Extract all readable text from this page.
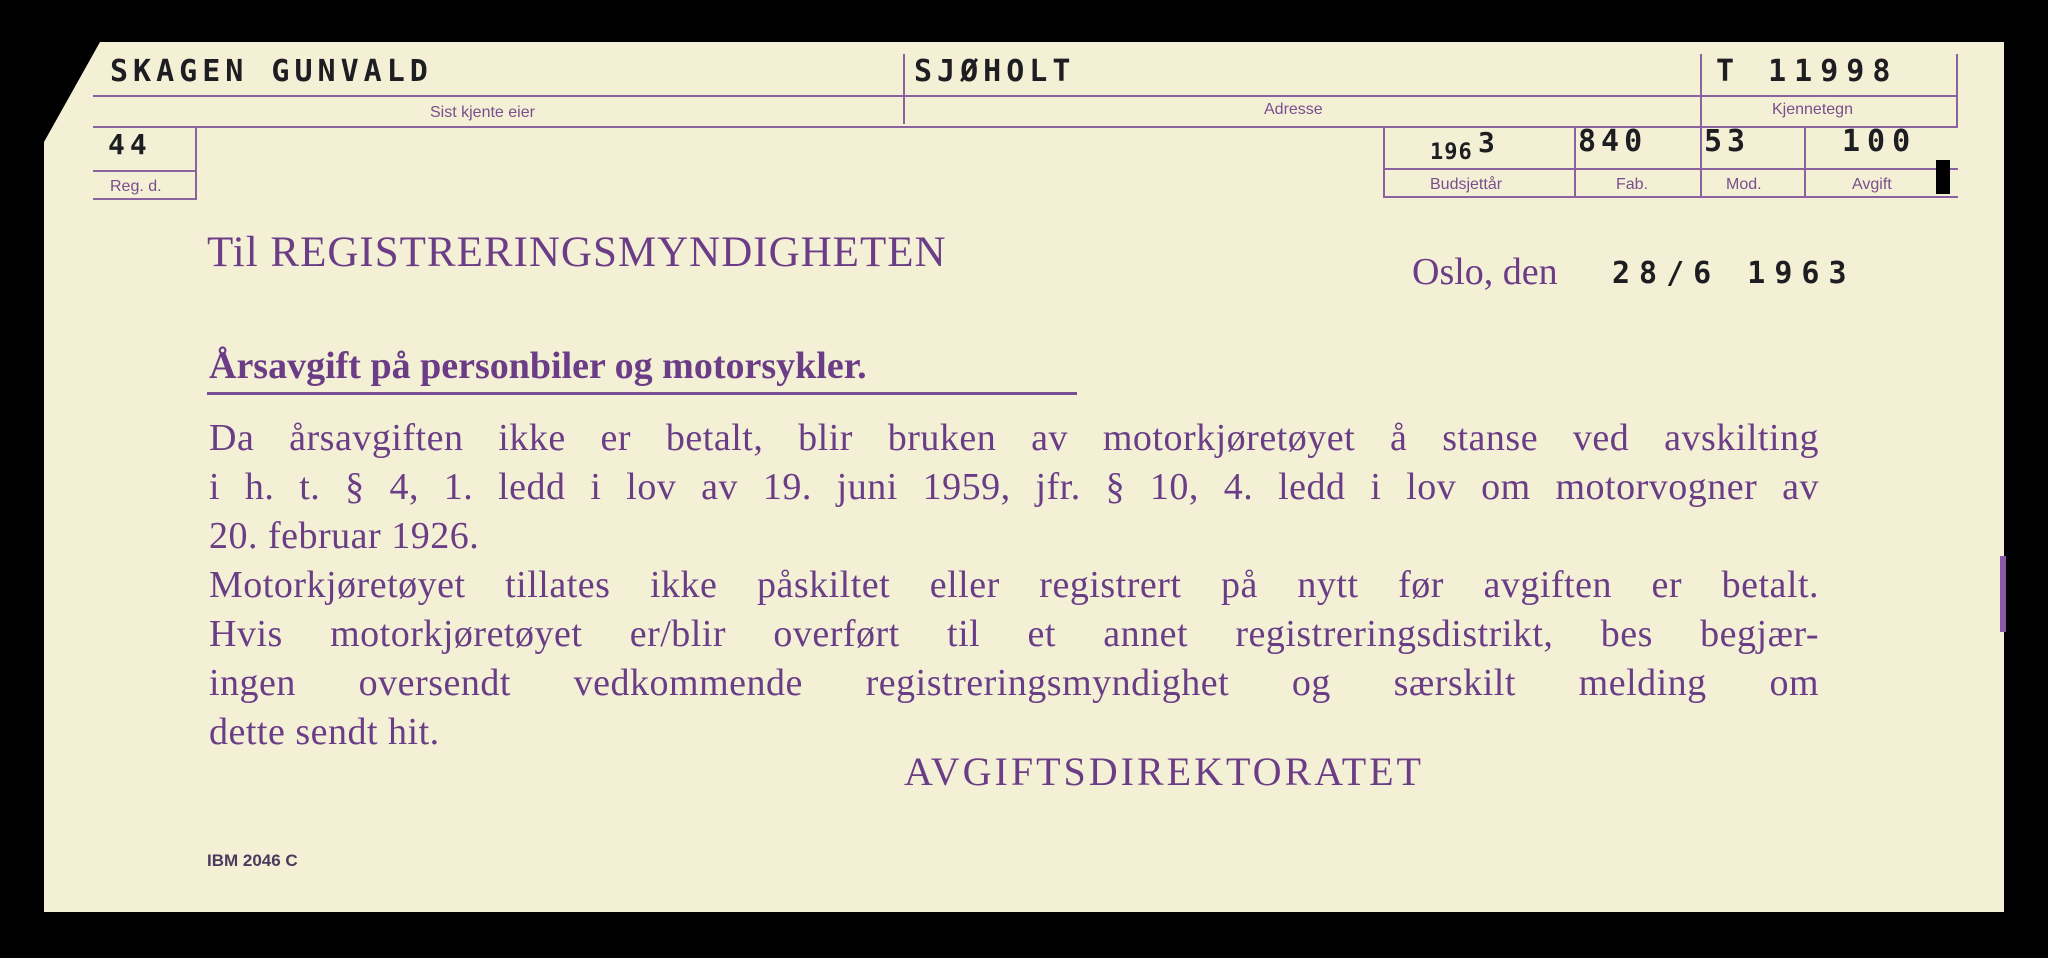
SKAGEN GUNVALD	SJØHOLT	T 11998
Sist kjente eier	Adresse	Kjennetegn
44
Reg. d.
196 3
Budsjettår
840
Fab.
53
Mod.
100
Avgift
Til REGISTRERINGSMYNDIGHETEN	Oslo, den 28/6 1963
Årsavgift på personbiler og motorsykler.
Da årsavgiften ikke er betalt, blir bruken av motorkjøretøyet å stanse ved avskilting
i h. t. § 4, 1. ledd i lov av 19. juni 1959, jfr. § 10, 4. ledd i lov om motorvogner av
20. februar 1926.
Motorkjøretøyet tillates ikke påskiltet eller registrert på nytt før avgiften er betalt.
Hvis motorkjøretøyet er/blir overført til et annet registreringsdistrikt, bes begjær-
ingen oversendt vedkommende registreringsmyndighet og særskilt melding om
dette sendt hit.
AVGIFTSDIREKTORATET
IBM 2046 C
